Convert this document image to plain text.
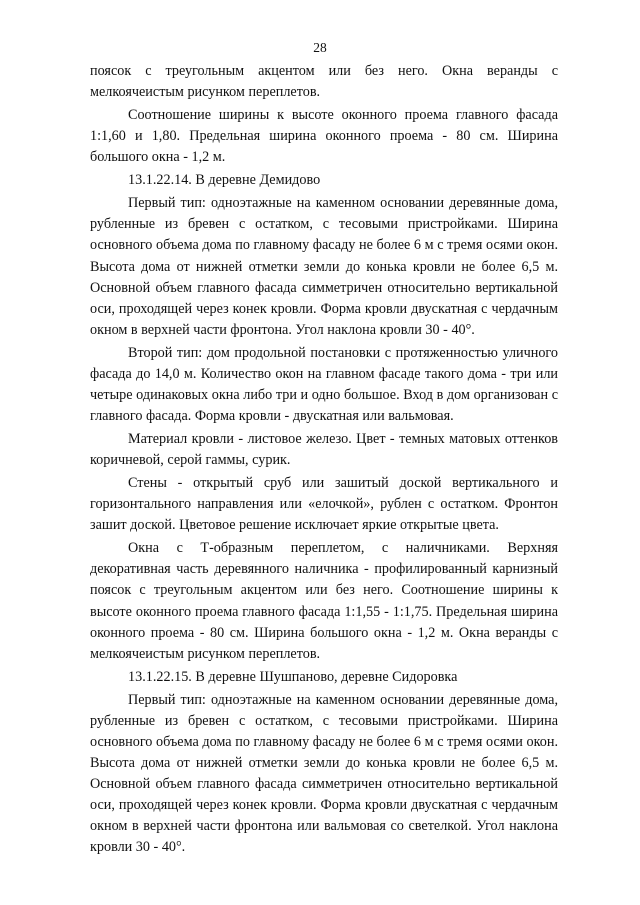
28

поясок с треугольным акцентом или без него. Окна веранды с мелкоячеистым рисунком переплетов.

Соотношение ширины к высоте оконного проема главного фасада 1:1,60 и 1,80. Предельная ширина оконного проема - 80 см. Ширина большого окна - 1,2 м.

13.1.22.14. В деревне Демидово

Первый тип: одноэтажные на каменном основании деревянные дома, рубленные из бревен с остатком, с тесовыми пристройками. Ширина основного объема дома по главному фасаду не более 6 м с тремя осями окон. Высота дома от нижней отметки земли до конька кровли не более 6,5 м. Основной объем главного фасада симметричен относительно вертикальной оси, проходящей через конек кровли. Форма кровли двускатная с чердачным окном в верхней части фронтона. Угол наклона кровли 30 - 40°.

Второй тип: дом продольной постановки с протяженностью уличного фасада до 14,0 м. Количество окон на главном фасаде такого дома - три или четыре одинаковых окна либо три и одно большое. Вход в дом организован с главного фасада. Форма кровли - двускатная или вальмовая.

Материал кровли - листовое железо. Цвет - темных матовых оттенков коричневой, серой гаммы, сурик.

Стены - открытый сруб или зашитый доской вертикального и горизонтального направления или «елочкой», рублен с остатком. Фронтон зашит доской. Цветовое решение исключает яркие открытые цвета.

Окна с Т-образным переплетом, с наличниками. Верхняя декоративная часть деревянного наличника - профилированный карнизный поясок с треугольным акцентом или без него. Соотношение ширины к высоте оконного проема главного фасада 1:1,55 - 1:1,75. Предельная ширина оконного проема - 80 см. Ширина большого окна - 1,2 м. Окна веранды с мелкоячеистым рисунком переплетов.

13.1.22.15. В деревне Шушпаново, деревне Сидоровка

Первый тип: одноэтажные на каменном основании деревянные дома, рубленные из бревен с остатком, с тесовыми пристройками. Ширина основного объема дома по главному фасаду не более 6 м с тремя осями окон. Высота дома от нижней отметки земли до конька кровли не более 6,5 м. Основной объем главного фасада симметричен относительно вертикальной оси, проходящей через конек кровли. Форма кровли двускатная с чердачным окном в верхней части фронтона или вальмовая со светелкой. Угол наклона кровли 30 - 40°.
